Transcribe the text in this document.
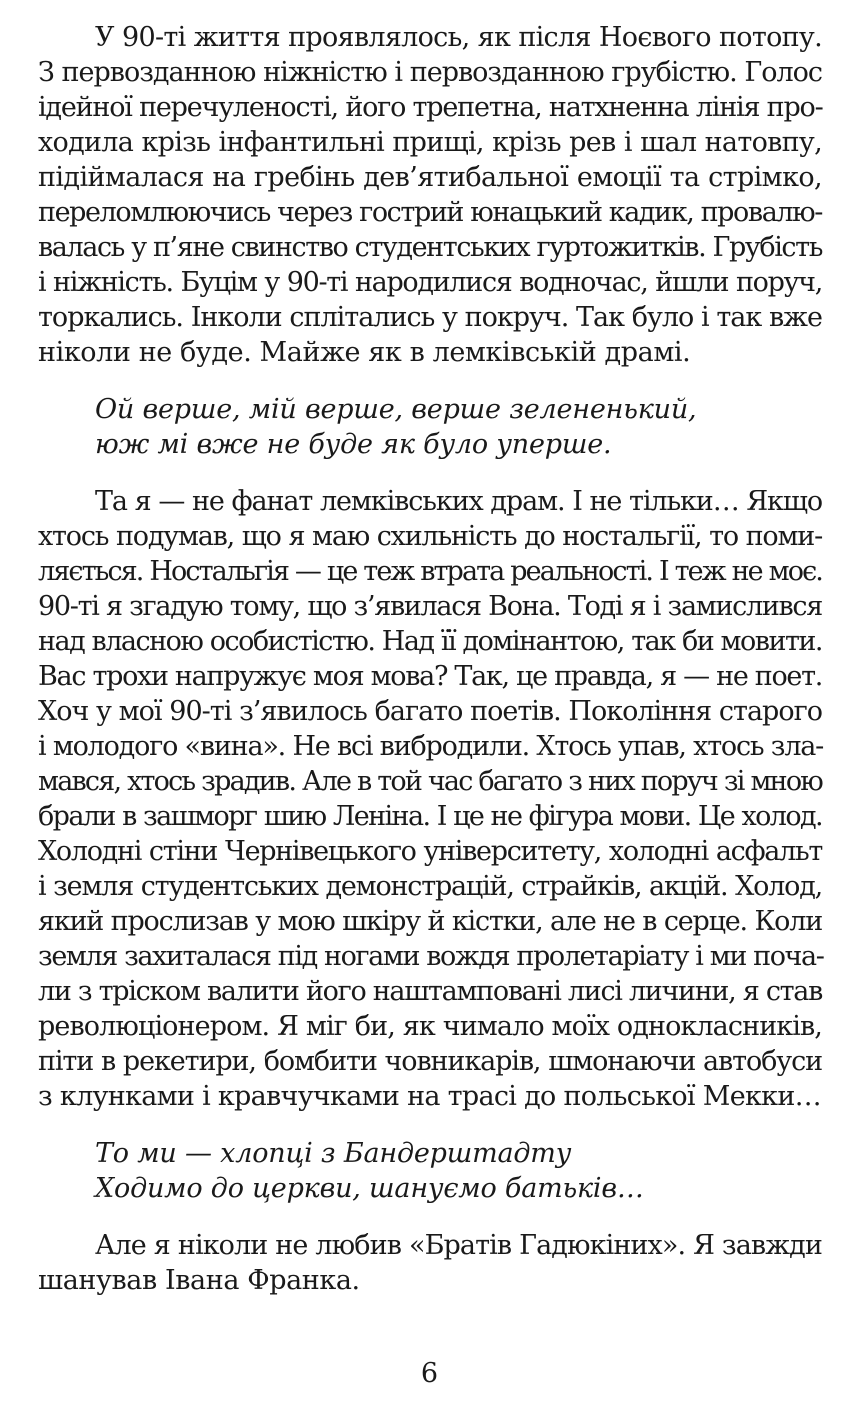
У 90-ті життя проявлялось, як після Ноєвого потопу.
З первозданною ніжністю і первозданною грубістю. Голос
ідейної перечуленості, його трепетна, натхненна лінія про-
ходила крізь інфантильні прищі, крізь рев і шал натовпу,
підіймалася на гребінь дев’ятибальної емоції та стрімко,
переломлюючись через гострий юнацький кадик, провалю-
валась у п’яне свинство студентських гуртожитків. Грубість
і ніжність. Буцім у 90-ті народилися водночас, йшли поруч,
торкались. Інколи сплітались у покруч. Так було і так вже
ніколи не буде. Майже як в лемківській драмі.
Ой верше, мій верше, верше зелененький,
юж мі вже не буде як було уперше.
Та я — не фанат лемківських драм. І не тільки… Якщо
хтось подумав, що я маю схильність до ностальгії, то поми-
ляється. Ностальгія — це теж втрата реальності. І теж не моє.
90-ті я згадую тому, що з’явилася Вона. Тоді я і замислився
над власною особистістю. Над її домінантою, так би мовити.
Вас трохи напружує моя мова? Так, це правда, я — не поет.
Хоч у мої 90-ті з’явилось багато поетів. Покоління старого
і молодого «вина». Не всі вибродили. Хтось упав, хтось зла-
мався, хтось зрадив. Але в той час багато з них поруч зі мною
брали в зашморг шию Леніна. І це не фігура мови. Це холод.
Холодні стіни Чернівецького університету, холодні асфальт
і земля студентських демонстрацій, страйків, акцій. Холод,
який прослизав у мою шкіру й кістки, але не в серце. Коли
земля захиталася під ногами вождя пролетаріату і ми поча-
ли з тріском валити його наштамповані лисі личини, я став
революціонером. Я міг би, як чимало моїх однокласників,
піти в рекетири, бомбити човникарів, шмонаючи автобуси
з клунками і кравчучками на трасі до польської Мекки…
То ми — хлопці з Бандерштадту
Ходимо до церкви, шануємо батьків…
Але я ніколи не любив «Братів Гадюкіних». Я завжди
шанував Івана Франка.
6
